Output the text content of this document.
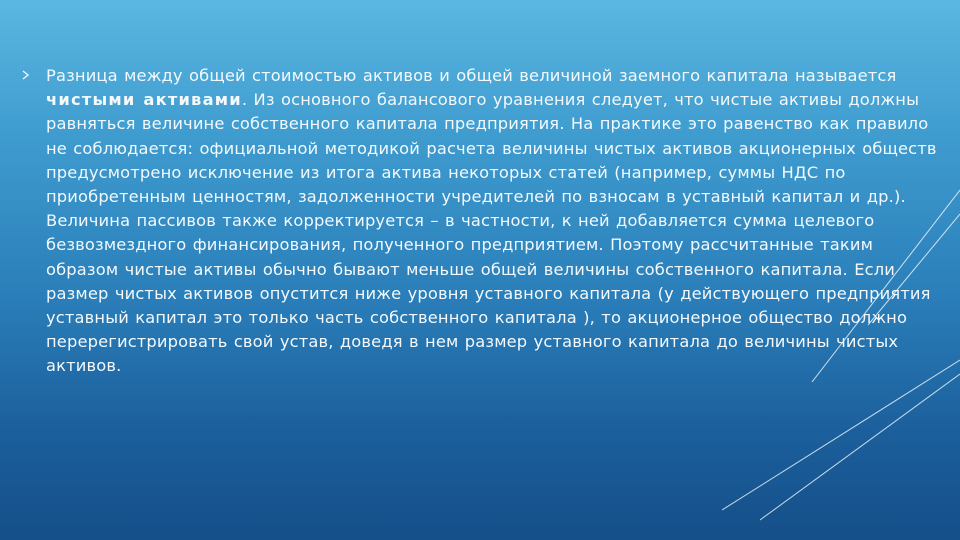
Разница между общей стоимостью активов и общей величиной заемного капитала называется чистыми активами. Из основного балансового уравнения следует, что чистые активы должны равняться величине собственного капитала предприятия. На практике это равенство как правило не соблюдается: официальной методикой расчета величины чистых активов акционерных обществ предусмотрено исключение из итога актива некоторых статей (например, суммы НДС по приобретенным ценностям, задолженности учредителей по взносам в уставный капитал и др.). Величина пассивов также корректируется – в частности, к ней добавляется сумма целевого безвозмездного финансирования, полученного предприятием. Поэтому рассчитанные таким образом чистые активы обычно бывают меньше общей величины собственного капитала. Если размер чистых активов опустится ниже уровня уставного капитала (у действующего предприятия уставный капитал это только часть собственного капитала ), то акционерное общество должно перерегистрировать свой устав, доведя в нем размер уставного капитала до величины чистых активов.
